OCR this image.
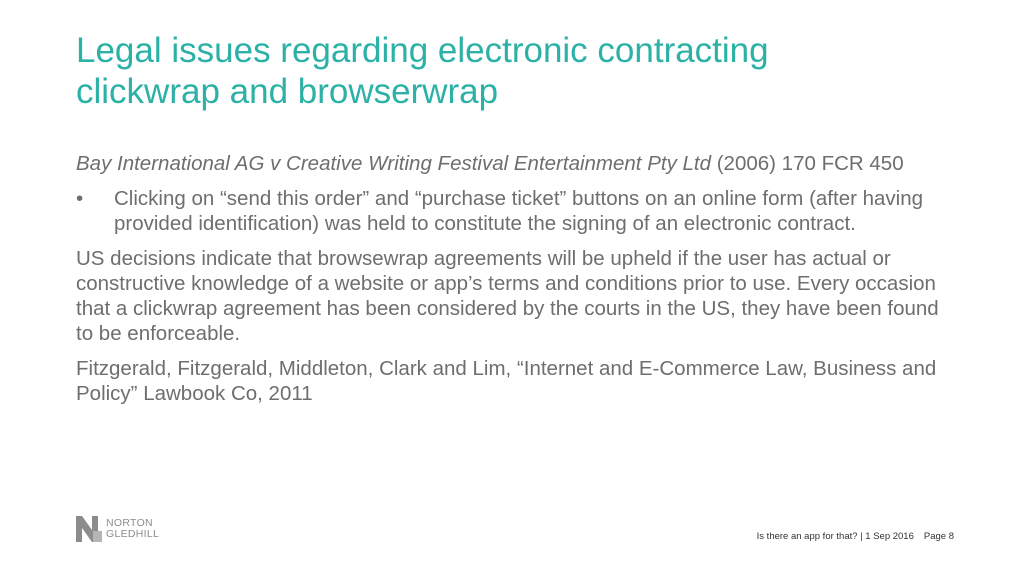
Legal issues regarding electronic contracting
clickwrap and browserwrap

Bay International AG v Creative Writing Festival Entertainment Pty Ltd (2006) 170 FCR 450

• Clicking on “send this order” and “purchase ticket” buttons on an online form (after having provided identification) was held to constitute the signing of an electronic contract.

US decisions indicate that browsewrap agreements will be upheld if the user has actual or constructive knowledge of a website or app’s terms and conditions prior to use. Every occasion that a clickwrap agreement has been considered by the courts in the US, they have been found to be enforceable.

Fitzgerald, Fitzgerald, Middleton, Clark and Lim, “Internet and E-Commerce Law, Business and Policy” Lawbook Co, 2011

NORTON
GLEDHILL	Is there an app for that? | 1 Sep 2016 Page 8
